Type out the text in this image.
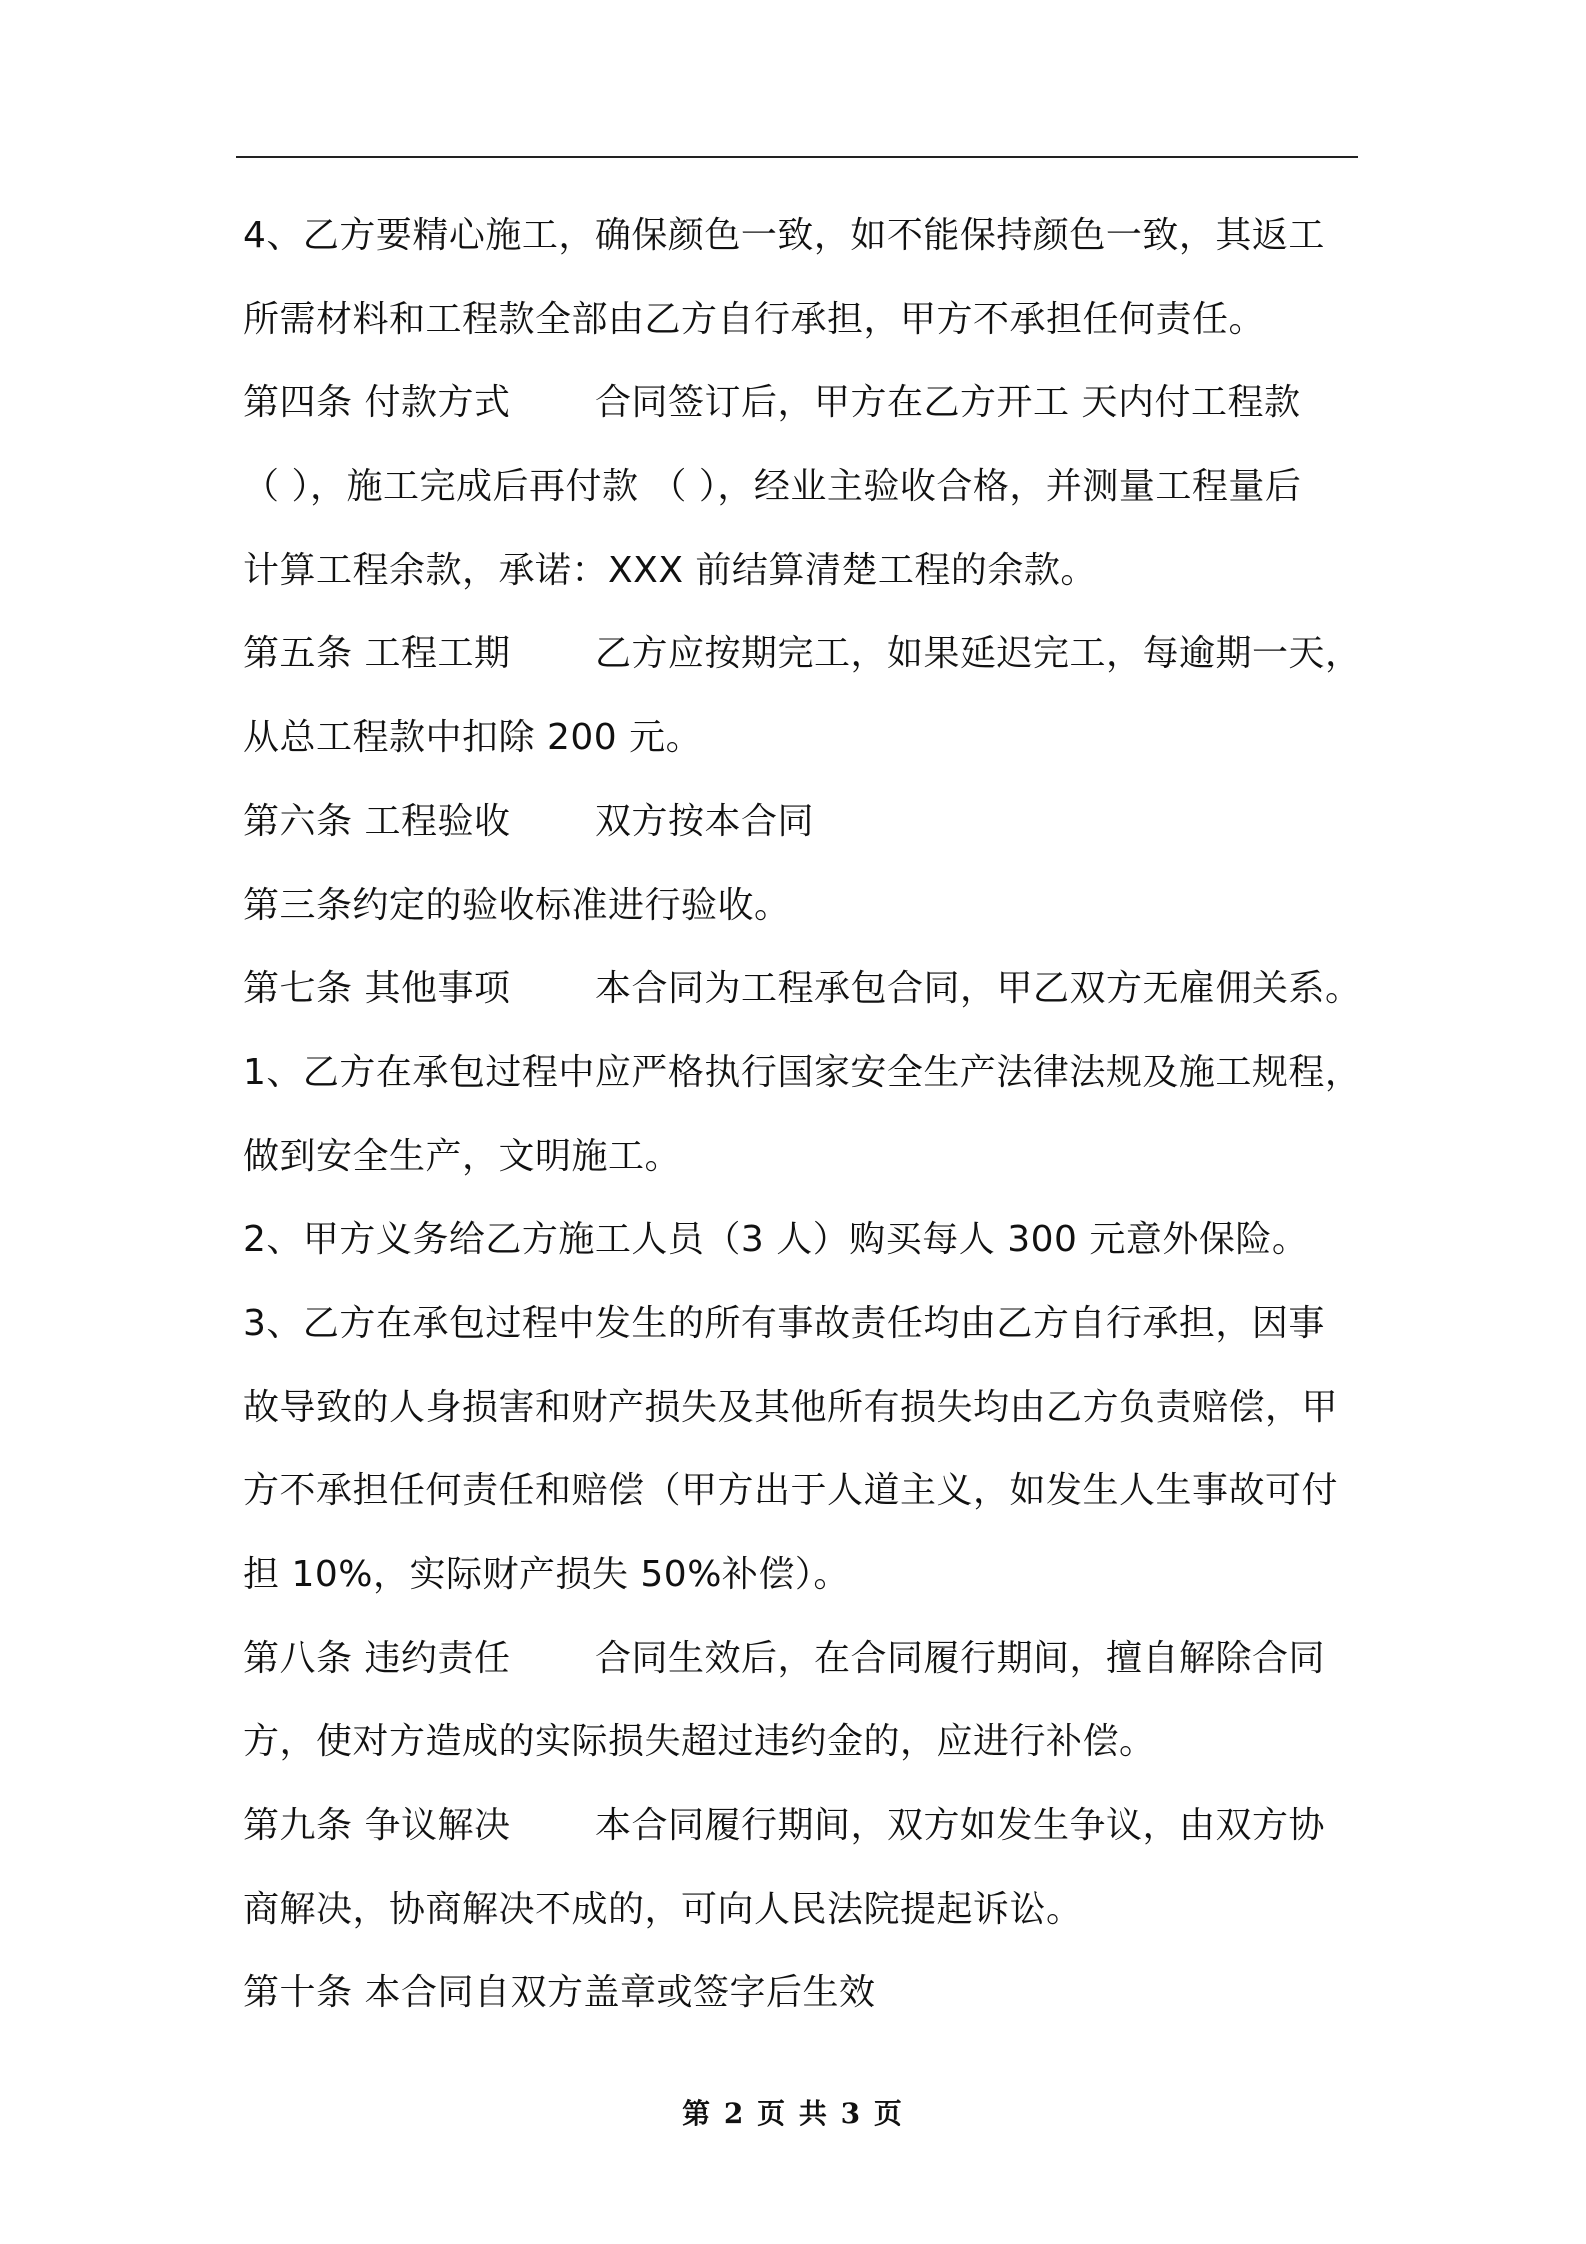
4、乙方要精心施工，确保颜色一致，如不能保持颜色一致，其返工
所需材料和工程款全部由乙方自行承担，甲方不承担任何责任。
第四条 付款方式 合同签订后，甲方在乙方开工 天内付工程款
（ ），施工完成后再付款 （ ），经业主验收合格，并测量工程量后
计算工程余款，承诺：XXX 前结算清楚工程的余款。
第五条 工程工期 乙方应按期完工，如果延迟完工，每逾期一天，
从总工程款中扣除 200 元。
第六条 工程验收 双方按本合同
第三条约定的验收标准进行验收。
第七条 其他事项 本合同为工程承包合同，甲乙双方无雇佣关系。
1、乙方在承包过程中应严格执行国家安全生产法律法规及施工规程，
做到安全生产，文明施工。
2、甲方义务给乙方施工人员（3 人）购买每人 300 元意外保险。
3、乙方在承包过程中发生的所有事故责任均由乙方自行承担，因事
故导致的人身损害和财产损失及其他所有损失均由乙方负责赔偿，甲
方不承担任何责任和赔偿（甲方出于人道主义，如发生人生事故可付
担 10%，实际财产损失 50%补偿）。
第八条 违约责任 合同生效后，在合同履行期间，擅自解除合同
方，使对方造成的实际损失超过违约金的，应进行补偿。
第九条 争议解决 本合同履行期间，双方如发生争议，由双方协
商解决，协商解决不成的，可向人民法院提起诉讼。
第十条 本合同自双方盖章或签字后生效
第 2 页 共 3 页
